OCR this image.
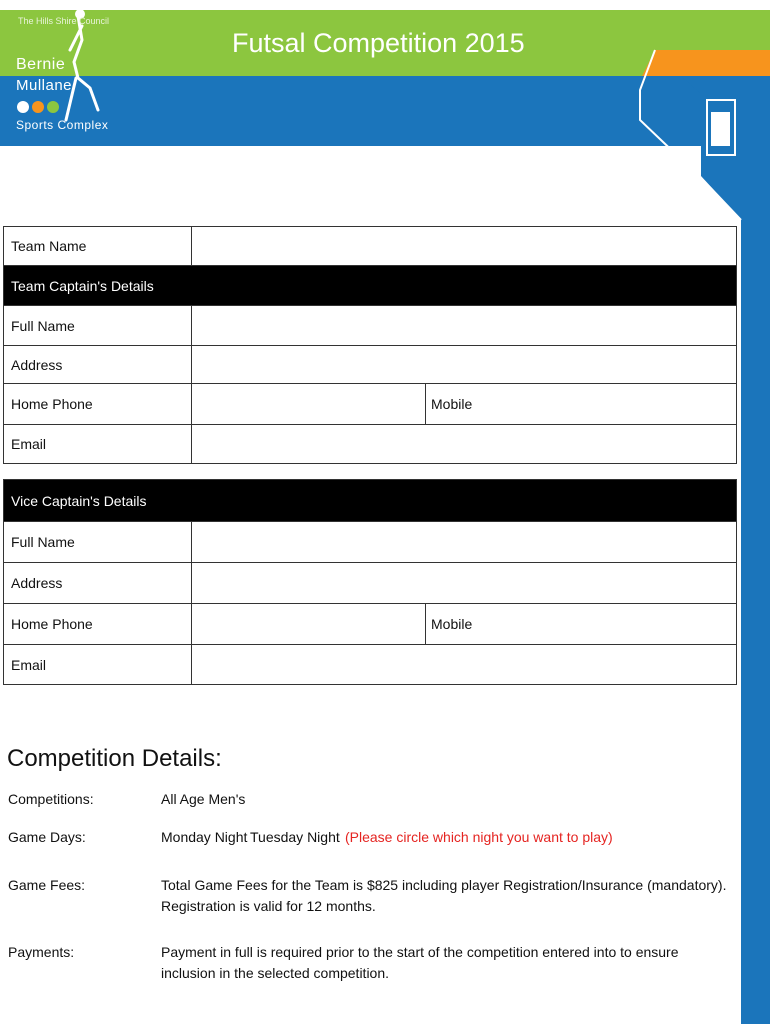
The Hills Shire Council
Bernie
Mullane
Sports Complex
Futsal Competition 2015
Team Name
Team Captain's Details
Full Name
Address
Home Phone	Mobile
Email
Vice Captain's Details
Full Name
Address
Home Phone	Mobile
Email
Competition Details:
Competitions:	All Age Men's
Game Days:	Monday Night Tuesday Night (Please circle which night you want to play)
Game Fees:	Total Game Fees for the Team is $825 including player Registration/Insurance (mandatory). Registration is valid for 12 months.
Payments:	Payment in full is required prior to the start of the competition entered into to ensure inclusion in the selected competition.
